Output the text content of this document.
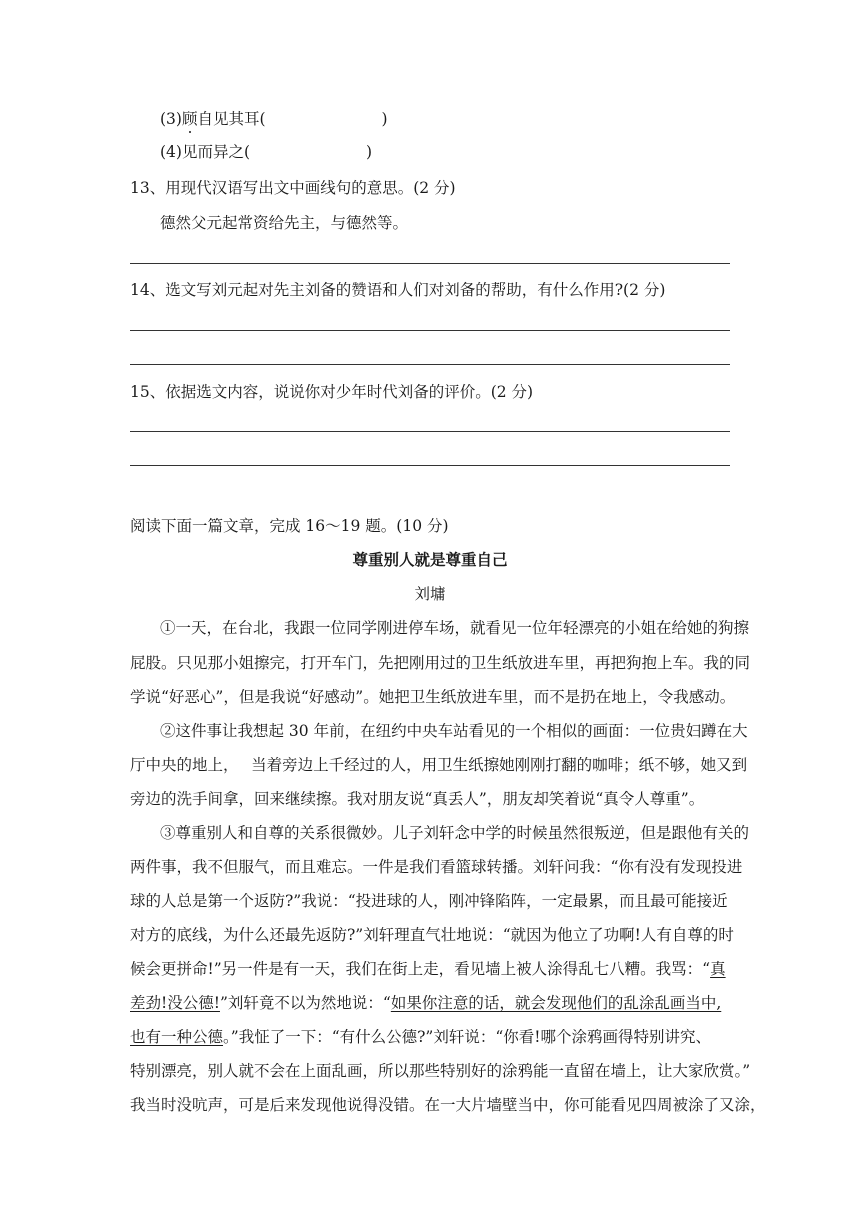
(3)顾自见其耳(	)
(4)见而异之(	)
13、用现代汉语写出文中画线句的意思。(2 分)
德然父元起常资给先主，与德然等。
14、选文写刘元起对先主刘备的赞语和人们对刘备的帮助，有什么作用?(2 分)
15、依据选文内容，说说你对少年时代刘备的评价。(2 分)
阅读下面一篇文章，完成 16～19 题。(10 分)
尊重别人就是尊重自己
刘墉
①一天，在台北，我跟一位同学刚进停车场，就看见一位年轻漂亮的小姐在给她的狗擦
屁股。只见那小姐擦完，打开车门，先把刚用过的卫生纸放进车里，再把狗抱上车。我的同
学说“好恶心”，但是我说“好感动”。她把卫生纸放进车里，而不是扔在地上，令我感动。
②这件事让我想起 30 年前，在纽约中央车站看见的一个相似的画面：一位贵妇蹲在大
厅中央的地上，　 当着旁边上千经过的人，用卫生纸擦她刚刚打翻的咖啡；纸不够，她又到
旁边的洗手间拿，回来继续擦。我对朋友说“真丢人”，朋友却笑着说“真令人尊重”。
③尊重别人和自尊的关系很微妙。儿子刘轩念中学的时候虽然很叛逆，但是跟他有关的
两件事，我不但服气，而且难忘。一件是我们看篮球转播。刘轩问我：“你有没有发现投进
球的人总是第一个返防?”我说：“投进球的人，刚冲锋陷阵，一定最累，而且最可能接近
对方的底线，为什么还最先返防?”刘轩理直气壮地说：“就因为他立了功啊!人有自尊的时
候会更拼命!”另一件是有一天，我们在街上走，看见墙上被人涂得乱七八糟。我骂：“真
差劲!没公德!”刘轩竟不以为然地说：“如果你注意的话，就会发现他们的乱涂乱画当中,
也有一种公德。”我怔了一下：“有什么公德?”刘轩说：“你看!哪个涂鸦画得特别讲究、
特别漂亮，别人就不会在上面乱画，所以那些特别好的涂鸦能一直留在墙上，让大家欣赏。”
我当时没吭声，可是后来发现他说得没错。在一大片墙壁当中，你可能看见四周被涂了又涂，
